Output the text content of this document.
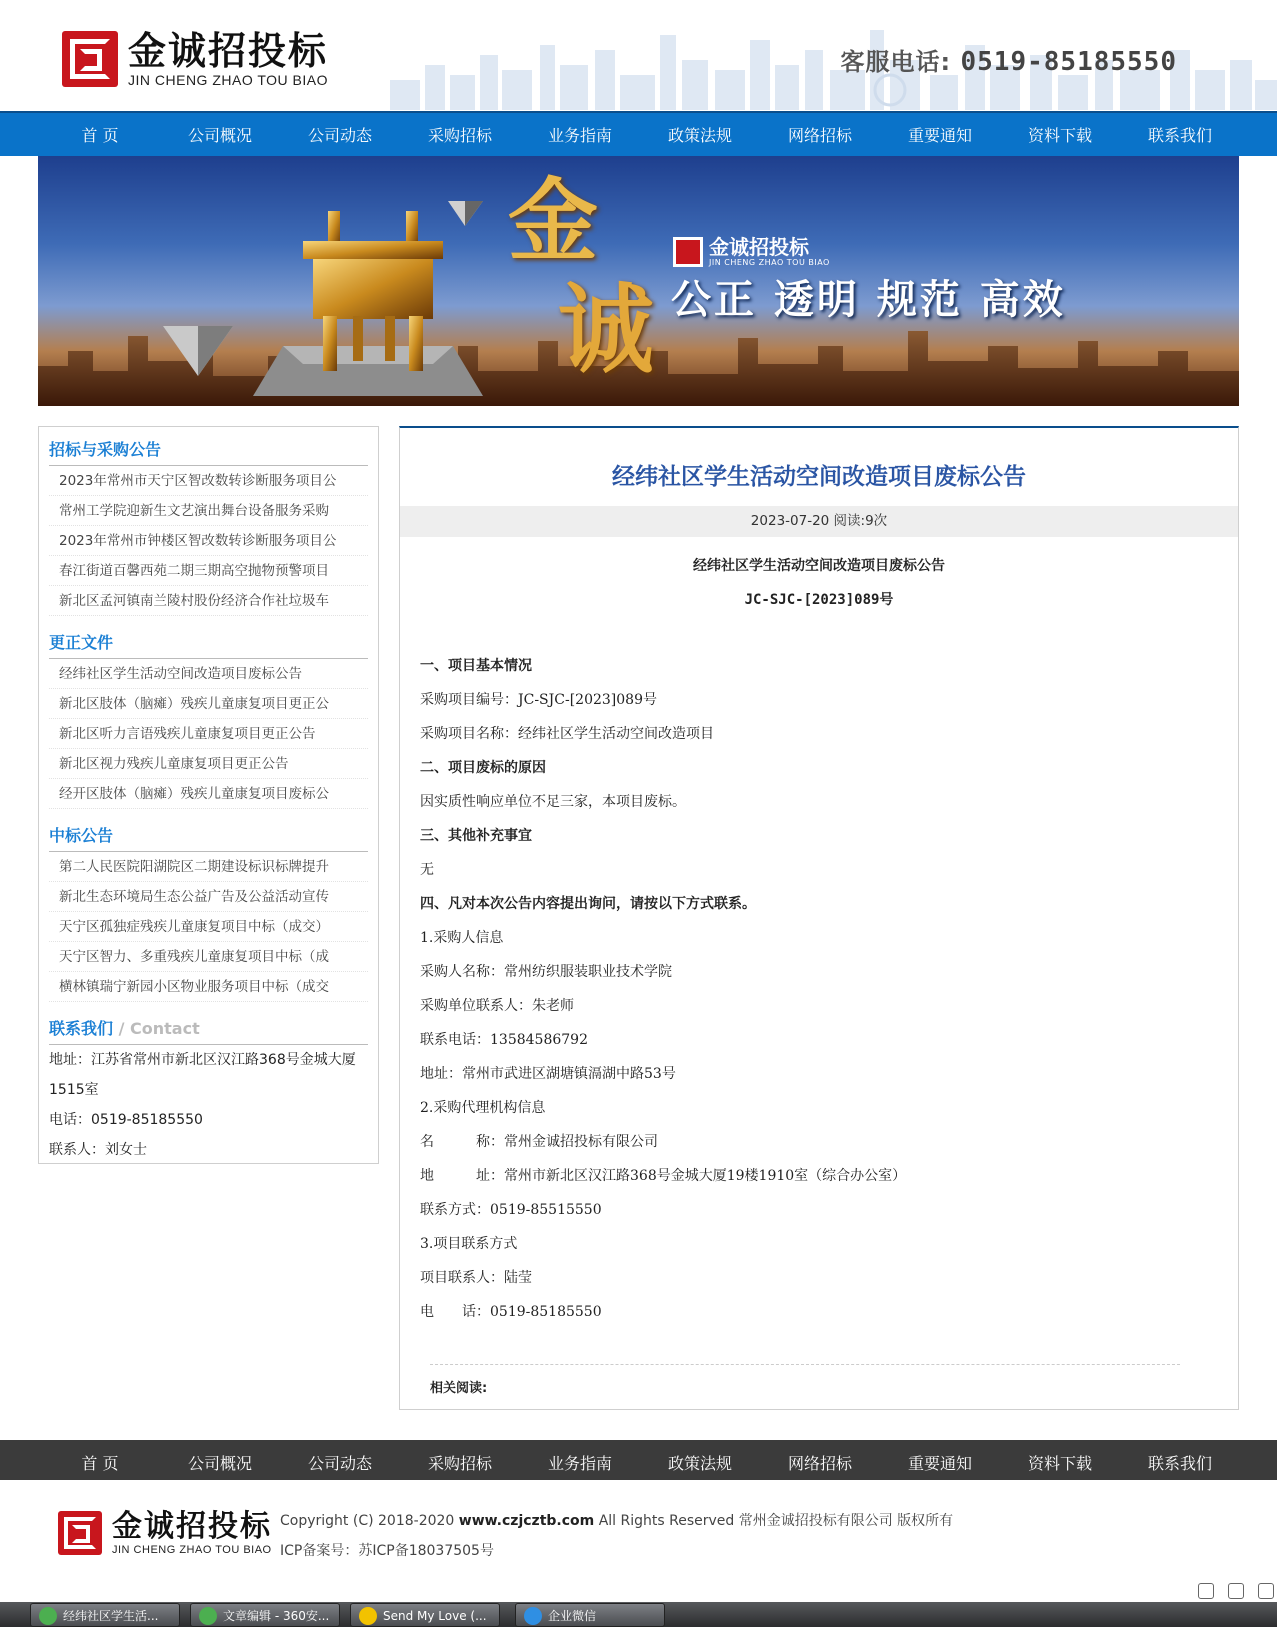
金诚招投标
JIN CHENG ZHAO TOU BIAO
客服电话: 0519-85185550
首 页	公司概况	公司动态	采购招标	业务指南	政策法规	网络招标	重要通知	资料下载	联系我们
金
诚
金诚招投标
JIN CHENG ZHAO TOU BIAO
公正 透明 规范 高效
招标与采购公告
2023年常州市天宁区智改数转诊断服务项目公
常州工学院迎新生文艺演出舞台设备服务采购
2023年常州市钟楼区智改数转诊断服务项目公
春江街道百馨西苑二期三期高空抛物预警项目
新北区孟河镇南兰陵村股份经济合作社垃圾车
更正文件
经纬社区学生活动空间改造项目废标公告
新北区肢体（脑瘫）残疾儿童康复项目更正公
新北区听力言语残疾儿童康复项目更正公告
新北区视力残疾儿童康复项目更正公告
经开区肢体（脑瘫）残疾儿童康复项目废标公
中标公告
第二人民医院阳湖院区二期建设标识标牌提升
新北生态环境局生态公益广告及公益活动宣传
天宁区孤独症残疾儿童康复项目中标（成交）
天宁区智力、多重残疾儿童康复项目中标（成
横林镇瑞宁新园小区物业服务项目中标（成交
联系我们 / Contact

地址：江苏省常州市新北区汉江路368号金城大厦

1515室

电话：0519-85185550

联系人：刘女士

经纬社区学生活动空间改造项目废标公告
2023-07-20 阅读:9次

经纬社区学生活动空间改造项目废标公告

JC-SJC-[2023]089号

一、项目基本情况

采购项目编号：JC-SJC-[2023]089号

采购项目名称：经纬社区学生活动空间改造项目

二、项目废标的原因

因实质性响应单位不足三家，本项目废标。

三、其他补充事宜

无

四、凡对本次公告内容提出询问，请按以下方式联系。

1.采购人信息

采购人名称：常州纺织服装职业技术学院

采购单位联系人：朱老师

联系电话：13584586792

地址：常州市武进区湖塘镇滆湖中路53号

2.采购代理机构信息

名　　　称：常州金诚招投标有限公司

地　　　址：常州市新北区汉江路368号金城大厦19楼1910室（综合办公室）

联系方式：0519-85515550

3.项目联系方式

项目联系人：陆莹

电　　话：0519-85185550

相关阅读:
首 页	公司概况	公司动态	采购招标	业务指南	政策法规	网络招标	重要通知	资料下载	联系我们
金诚招投标
JIN CHENG ZHAO TOU BIAO
Copyright (C) 2018-2020 www.czjcztb.com All Rights Reserved 常州金诚招投标有限公司 版权所有
ICP备案号：苏ICP备18037505号
经纬社区学生活...	文章编辑 - 360安...	Send My Love (...	企业微信
